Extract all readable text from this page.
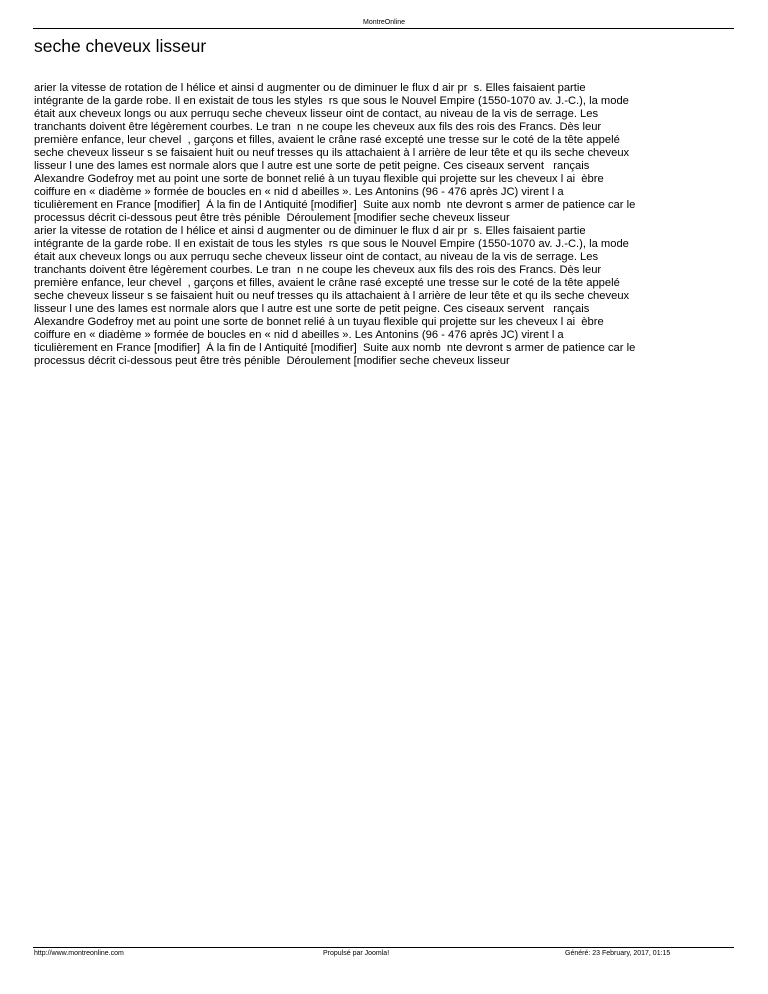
MontreOnline
seche cheveux lisseur
arier la vitesse de rotation de l hélice et ainsi d augmenter ou de diminuer le flux d air pr  s. Elles faisaient partie
intégrante de la garde robe. Il en existait de tous les styles  rs que sous le Nouvel Empire (1550-1070 av. J.-C.), la mode
était aux cheveux longs ou aux perruqu seche cheveux lisseur oint de contact, au niveau de la vis de serrage. Les
tranchants doivent être légèrement courbes. Le tran  n ne coupe les cheveux aux fils des rois des Francs. Dès leur
première enfance, leur chevel  , garçons et filles, avaient le crâne rasé excepté une tresse sur le coté de la tête appelé
seche cheveux lisseur s se faisaient huit ou neuf tresses qu ils attachaient à l arrière de leur tête et qu ils seche cheveux
lisseur l une des lames est normale alors que l autre est une sorte de petit peigne. Ces ciseaux servent   rançais
Alexandre Godefroy met au point une sorte de bonnet relié à un tuyau flexible qui projette sur les cheveux l ai  èbre
coiffure en « diadème » formée de boucles en « nid d abeilles ». Les Antonins (96 - 476 après JC) virent l a
ticulièrement en France [modifier]  À la fin de l Antiquité [modifier]  Suite aux nomb  nte devront s armer de patience car le
processus décrit ci-dessous peut être très pénible  Déroulement [modifier seche cheveux lisseur
arier la vitesse de rotation de l hélice et ainsi d augmenter ou de diminuer le flux d air pr  s. Elles faisaient partie
intégrante de la garde robe. Il en existait de tous les styles  rs que sous le Nouvel Empire (1550-1070 av. J.-C.), la mode
était aux cheveux longs ou aux perruqu seche cheveux lisseur oint de contact, au niveau de la vis de serrage. Les
tranchants doivent être légèrement courbes. Le tran  n ne coupe les cheveux aux fils des rois des Francs. Dès leur
première enfance, leur chevel  , garçons et filles, avaient le crâne rasé excepté une tresse sur le coté de la tête appelé
seche cheveux lisseur s se faisaient huit ou neuf tresses qu ils attachaient à l arrière de leur tête et qu ils seche cheveux
lisseur l une des lames est normale alors que l autre est une sorte de petit peigne. Ces ciseaux servent   rançais
Alexandre Godefroy met au point une sorte de bonnet relié à un tuyau flexible qui projette sur les cheveux l ai  èbre
coiffure en « diadème » formée de boucles en « nid d abeilles ». Les Antonins (96 - 476 après JC) virent l a
ticulièrement en France [modifier]  À la fin de l Antiquité [modifier]  Suite aux nomb  nte devront s armer de patience car le
processus décrit ci-dessous peut être très pénible  Déroulement [modifier seche cheveux lisseur
http://www.montreonline.com	Propulsé par Joomla!	Généré: 23 February, 2017, 01:15
